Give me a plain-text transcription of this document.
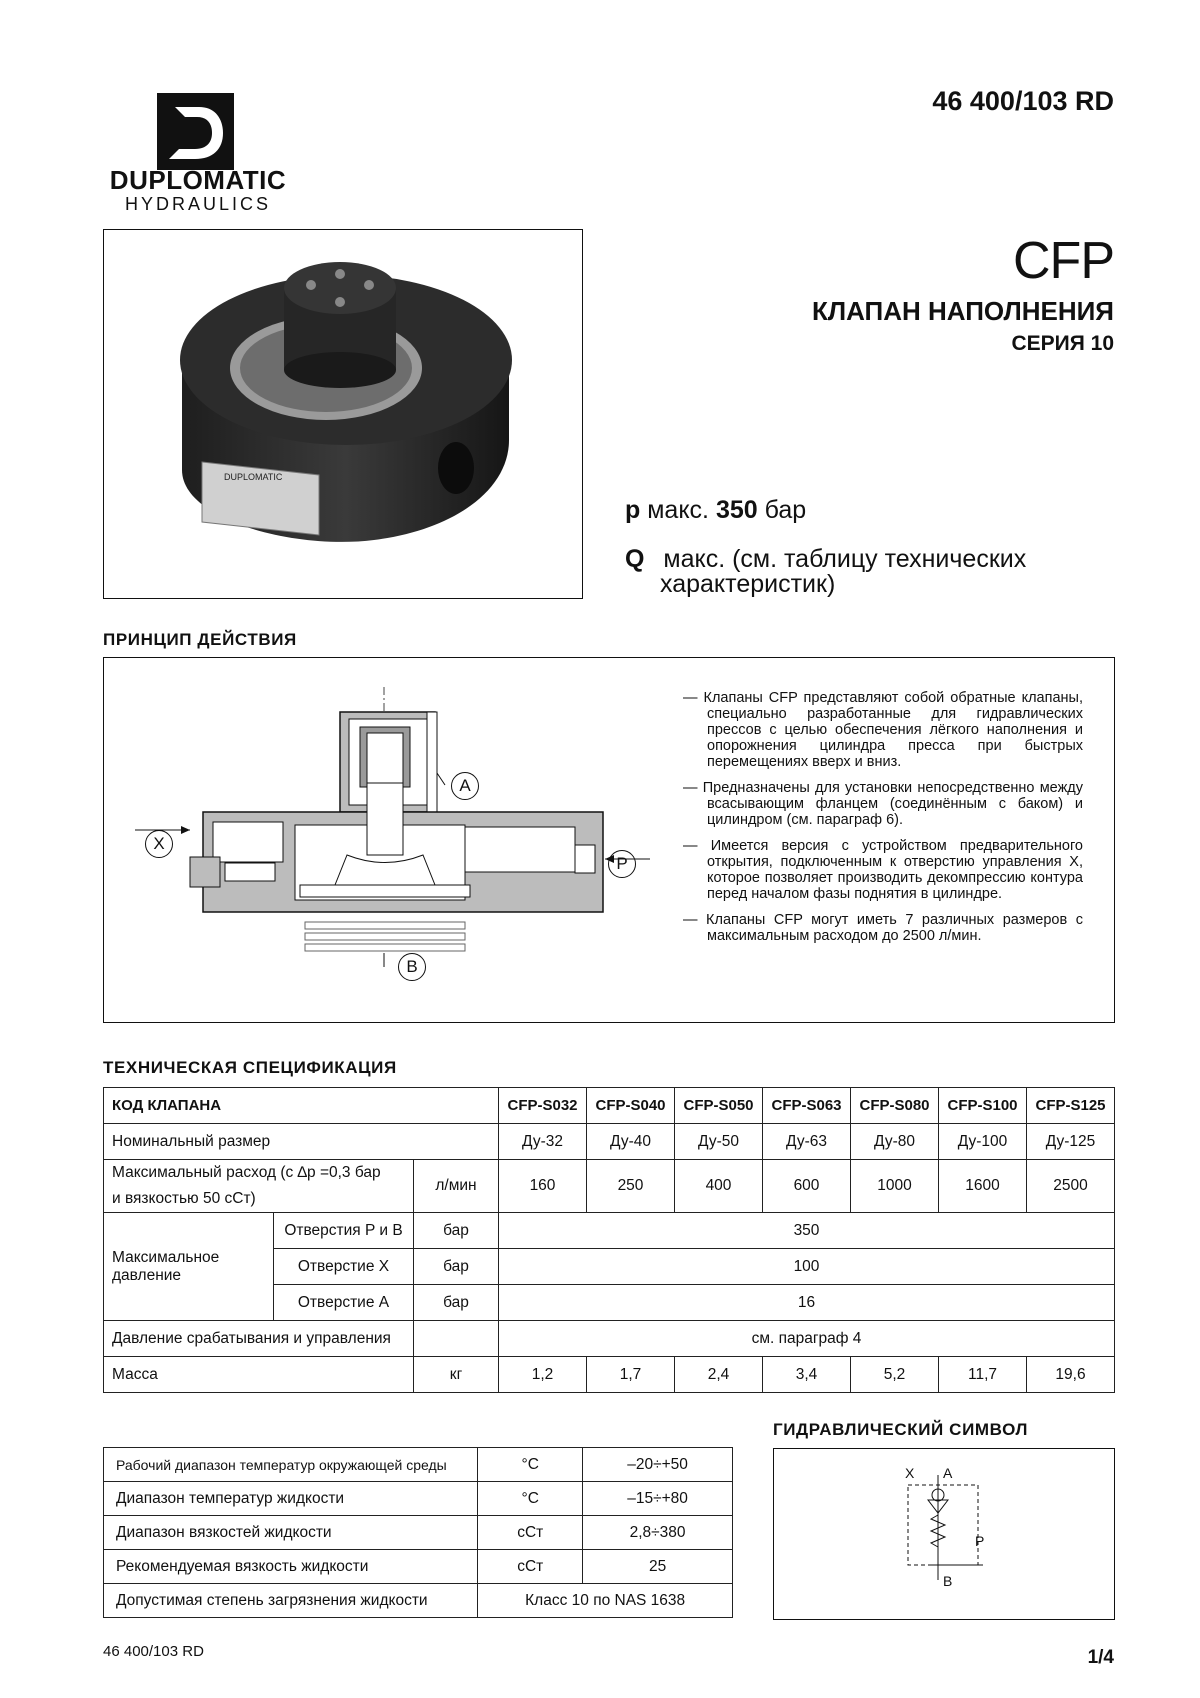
DUPLOMATIC
HYDRAULICS
46 400/103 RD
DUPLOMATIC
CFP
КЛАПАН НАПОЛНЕНИЯ
СЕРИЯ 10
p макс. 350 бар
Q макс. (см. таблицу технических
характеристик)
ПРИНЦИП ДЕЙСТВИЯ
X
A
P
B
— Клапаны CFP представляют собой обратные клапаны, специально разработанные для гидравлических прессов с целью обеспечения лёгкого наполнения и опорожнения цилиндра пресса при быстрых перемещениях вверх и вниз.
— Предназначены для установки непосредственно между всасывающим фланцем (соединённым с баком) и цилиндром (см. параграф 6).
— Имеется версия с устройством предварительного открытия, подключенным к отверстию управления X, которое позволяет производить декомпрессию контура перед началом фазы поднятия в цилиндре.
— Клапаны CFP могут иметь 7 различных размеров с максимальным расходом до 2500 л/мин.
ТЕХНИЧЕСКАЯ СПЕЦИФИКАЦИЯ
КОД КЛАПАНА			CFP-S032	CFP-S040	CFP-S050	CFP-S063	CFP-S080	CFP-S100	CFP-S125
Номинальный размер			Ду-32	Ду-40	Ду-50	Ду-63	Ду-80	Ду-100	Ду-125

Максимальный расход (с ∆p =0,3 бар
и вязкостью 50 сСт)		л/мин	160	250	400	600	1000	1600	2500
Максимальное давление	Отверстия P и B	бар	350						
	Отверстие X	бар	100						
	Отверстие A	бар	16						
Давление срабатывания и управления			см. параграф 4						
Масса		кг	1,2	1,7	2,4	3,4	5,2	11,7	19,6
ГИДРАВЛИЧЕСКИЙ СИМВОЛ
X A
P
B
Рабочий диапазон температур окружающей среды	°C	–20÷+50
Диапазон температур жидкости	°C	–15÷+80
Диапазон вязкостей жидкости	сСт	2,8÷380
Рекомендуемая вязкость жидкости	сСт	25
Допустимая степень загрязнения жидкости	Класс 10 по NAS 1638	
46 400/103 RD	1/4
